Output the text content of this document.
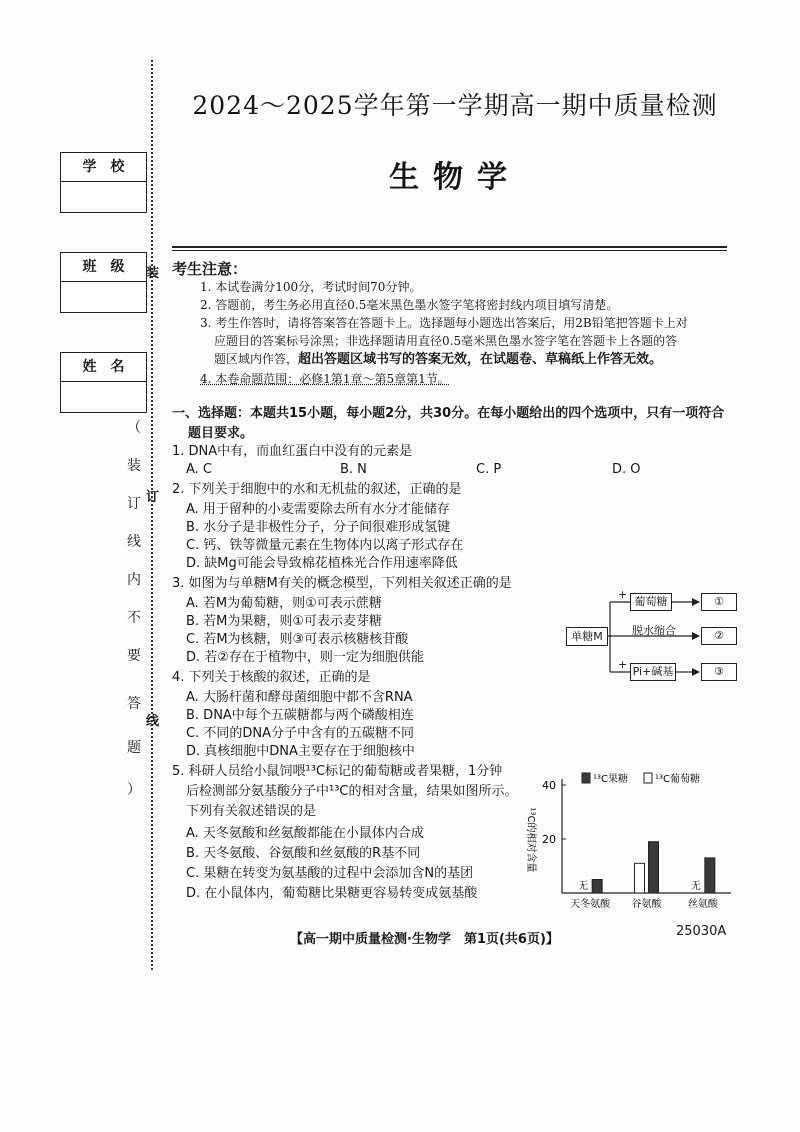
学校
班级
姓名
（
装
订
线
内
不
要
答
题
）
装
订
线
2024～2025学年第一学期高一期中质量检测
生物学
考生注意：
1. 本试卷满分100分，考试时间70分钟。
2. 答题前，考生务必用直径0.5毫米黑色墨水签字笔将密封线内项目填写清楚。
3. 考生作答时，请将答案答在答题卡上。选择题每小题选出答案后，用2B铅笔把答题卡上对
应题目的答案标号涂黑；非选择题请用直径0.5毫米黑色墨水签字笔在答题卡上各题的答
题区域内作答，超出答题区域书写的答案无效，在试题卷、草稿纸上作答无效。
4. 本卷命题范围：必修1第1章～第5章第1节。
一、选择题：本题共15小题，每小题2分，共30分。在每小题给出的四个选项中，只有一项符合
题目要求。
1. DNA中有，而血红蛋白中没有的元素是
A. C	B. N	C. P	D. O
2. 下列关于细胞中的水和无机盐的叙述，正确的是
A. 用于留种的小麦需要除去所有水分才能储存
B. 水分子是非极性分子，分子间很难形成氢键
C. 钙、铁等微量元素在生物体内以离子形式存在
D. 缺Mg可能会导致棉花植株光合作用速率降低
3. 如图为与单糖M有关的概念模型，下列相关叙述正确的是
A. 若M为葡萄糖，则①可表示蔗糖
B. 若M为果糖，则①可表示麦芽糖
C. 若M为核糖，则③可表示核糖核苷酸
D. 若②存在于植物中，则一定为细胞供能
单糖M
葡萄糖
Pi+碱基
脱水缩合
+
+
①
②
③
4. 下列关于核酸的叙述，正确的是
A. 大肠杆菌和酵母菌细胞中都不含RNA
B. DNA中每个五碳糖都与两个磷酸相连
C. 不同的DNA分子中含有的五碳糖不同
D. 真核细胞中DNA主要存在于细胞核中
5. 科研人员给小鼠饲喂¹³C标记的葡萄糖或者果糖，1分钟
后检测部分氨基酸分子中¹³C的相对含量，结果如图所示。
下列有关叙述错误的是
A. 天冬氨酸和丝氨酸都能在小鼠体内合成
B. 天冬氨酸、谷氨酸和丝氨酸的R基不同
C. 果糖在转变为氨基酸的过程中会添加含N的基团
D. 在小鼠体内，葡萄糖比果糖更容易转变成氨基酸
¹³C的相对含量 20
40	¹³C果糖	¹³C葡萄糖
无
天冬氨酸 谷氨酸
无
丝氨酸
【高一期中质量检测·生物学　第1页(共6页)】
25030A
